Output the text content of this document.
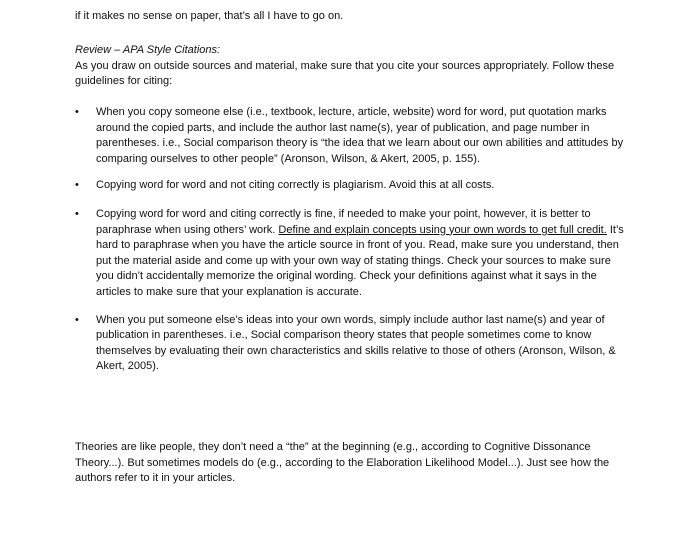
if it makes no sense on paper, that’s all I have to go on.
Review – APA Style Citations:
As you draw on outside sources and material, make sure that you cite your sources appropriately. Follow these guidelines for citing:
•	When you copy someone else (i.e., textbook, lecture, article, website) word for word, put quotation marks around the copied parts, and include the author last name(s), year of publication, and page number in parentheses. i.e., Social comparison theory is “the idea that we learn about our own abilities and attitudes by comparing ourselves to other people” (Aronson, Wilson, & Akert, 2005, p. 155).
•	Copying word for word and not citing correctly is plagiarism. Avoid this at all costs.
•	Copying word for word and citing correctly is fine, if needed to make your point, however, it is better to paraphrase when using others’ work. Define and explain concepts using your own words to get full credit. It’s hard to paraphrase when you have the article source in front of you. Read, make sure you understand, then put the material aside and come up with your own way of stating things. Check your sources to make sure you didn’t accidentally memorize the original wording. Check your definitions against what it says in the articles to make sure that your explanation is accurate.
•	When you put someone else’s ideas into your own words, simply include author last name(s) and year of publication in parentheses. i.e., Social comparison theory states that people sometimes come to know themselves by evaluating their own characteristics and skills relative to those of others (Aronson, Wilson, & Akert, 2005).
Theories are like people, they don’t need a “the” at the beginning (e.g., according to Cognitive Dissonance Theory...). But sometimes models do (e.g., according to the Elaboration Likelihood Model...). Just see how the authors refer to it in your articles.
